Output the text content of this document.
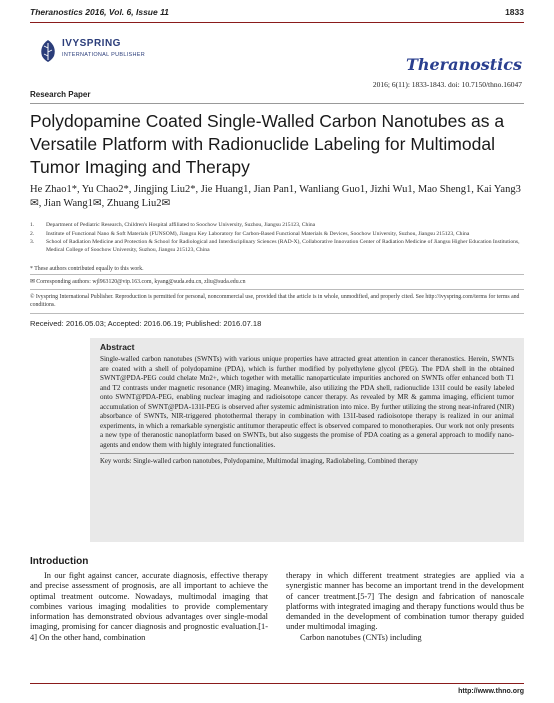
Theranostics 2016, Vol. 6, Issue 11	1833
IVYSPRING
INTERNATIONAL PUBLISHER	Theranostics
2016; 6(11): 1833-1843. doi: 10.7150/thno.16047
Research Paper
Polydopamine Coated Single-Walled Carbon Nanotubes as a Versatile Platform with Radionuclide Labeling for Multimodal Tumor Imaging and Therapy
He Zhao1*, Yu Chao2*, Jingjing Liu2*, Jie Huang1, Jian Pan1, Wanliang Guo1, Jizhi Wu1, Mao Sheng1, Kai Yang3✉, Jian Wang1✉, Zhuang Liu2✉
1.	Department of Pediatric Research, Children's Hospital affiliated to Soochow University, Suzhou, Jiangsu 215123, China
2.	Institute of Functional Nano & Soft Materials (FUNSOM), Jiangsu Key Laboratory for Carbon-Based Functional Materials & Devices, Soochow University, Suzhou, Jiangsu 215123, China
3.	School of Radiation Medicine and Protection & School for Radiological and Interdisciplinary Sciences (RAD-X), Collaborative Innovation Center of Radiation Medicine of Jiangsu Higher Education Institutions, Medical College of Soochow University, Suzhou, Jiangsu 215123, China
* These authors contributed equally to this work.
✉ Corresponding authors: wjl963120@vip.163.com, kyang@suda.edu.cn, zliu@suda.edu.cn
© Ivyspring International Publisher. Reproduction is permitted for personal, noncommercial use, provided that the article is in whole, unmodified, and properly cited. See http://ivyspring.com/terms for terms and conditions.
Received: 2016.05.03; Accepted: 2016.06.19; Published: 2016.07.18
Abstract
Single-walled carbon nanotubes (SWNTs) with various unique properties have attracted great attention in cancer theranostics. Herein, SWNTs are coated with a shell of polydopamine (PDA), which is further modified by polyethylene glycol (PEG). The PDA shell in the obtained SWNT@PDA-PEG could chelate Mn2+, which together with metallic nanoparticulate impurities anchored on SWNTs offer enhanced both T1 and T2 contrasts under magnetic resonance (MR) imaging. Meanwhile, also utilizing the PDA shell, radionuclide 131I could be easily labeled onto SWNT@PDA-PEG, enabling nuclear imaging and radioisotope cancer therapy. As revealed by MR & gamma imaging, efficient tumor accumulation of SWNT@PDA-131I-PEG is observed after systemic administration into mice. By further utilizing the strong near-infrared (NIR) absorbance of SWNTs, NIR-triggered photothermal therapy in combination with 131I-based radioisotope therapy is realized in our animal experiments, in which a remarkable synergistic antitumor therapeutic effect is observed compared to monotherapies. Our work not only presents a new type of theranostic nanoplatform based on SWNTs, but also suggests the promise of PDA coating as a general approach to modify nano-agents and endow them with highly integrated functionalities.
Key words: Single-walled carbon nanotubes, Polydopamine, Multimodal imaging, Radiolabeling, Combined therapy
Introduction

In our fight against cancer, accurate diagnosis, effective therapy and precise assessment of prognosis, are all important to achieve the optimal treatment outcome. Nowadays, multimodal imaging that combines various imaging modalities to provide complementary information has demonstrated obvious advantages over single-modal imaging, promising for cancer diagnosis and prognostic evaluation.[1-4] On the other hand, combination

therapy in which different treatment strategies are applied via a synergistic manner has become an important trend in the development of cancer treatment.[5-7] The design and fabrication of nanoscale platforms with integrated imaging and therapy functions would thus be demanded in the development of combination tumor therapy guided under multimodal imaging.

Carbon nanotubes (CNTs) including

http://www.thno.org
